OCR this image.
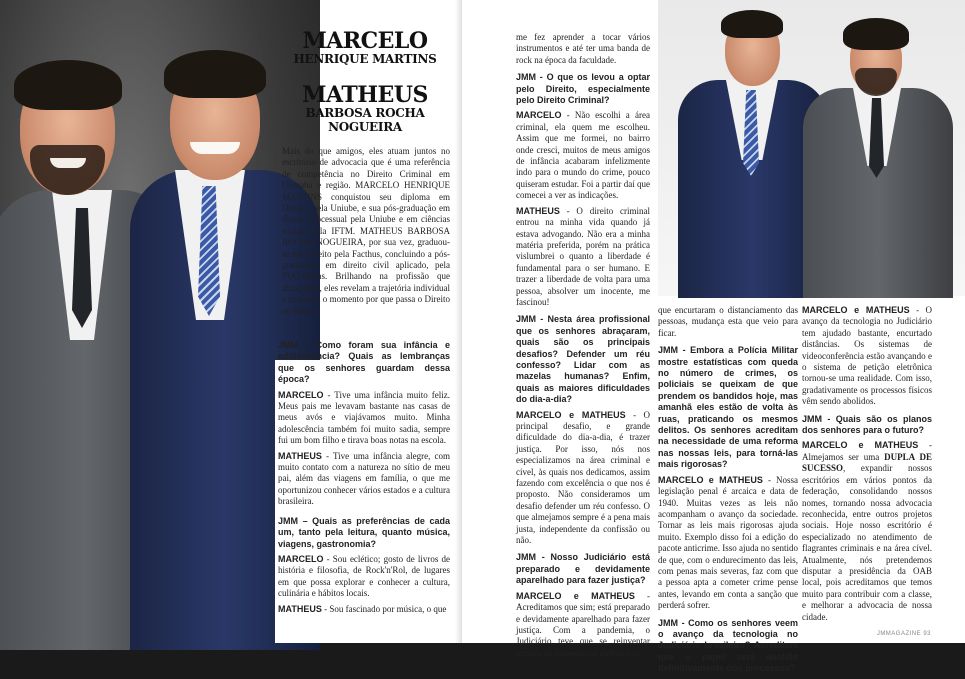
MARCELO
HENRIQUE MARTINS
MATHEUS
BARBOSA ROCHA NOGUEIRA

Mais do que amigos, eles atuam juntos no escritório de advocacia que é uma referência de competência no Direito Criminal em Uberaba e região. MARCELO HENRIQUE MARTINS conquistou seu diploma em Direito, pela Uniube, e sua pós-graduação em direito processual pela Uniube e em ciências sociais pela IFTM. MATHEUS BARBOSA ROCHA NOGUEIRA, por sua vez, graduou-se em Direito pela Facthus, concluindo a pós-graduação em direito civil aplicado, pela PUC-Minas. Brilhando na profissão que abraçaram, eles revelam a trajetória individual e analisam o momento por que passa o Direito no Brasil.

JMM - Como foram sua infância e adolescência? Quais as lembranças que os senhores guardam dessa época?

MARCELO - Tive uma infância muito feliz. Meus pais me levavam bastante nas casas de meus avós e viajávamos muito. Minha adolescência também foi muito sadia, sempre fui um bom filho e tirava boas notas na escola.

MATHEUS - Tive uma infância alegre, com muito contato com a natureza no sítio de meu pai, além das viagens em família, o que me oportunizou conhecer vários estados e a cultura brasileira.

JMM – Quais as preferências de cada um, tanto pela leitura, quanto música, viagens, gastronomia?

MARCELO - Sou eclético; gosto de livros de história e filosofia, de Rock'n'Rol, de lugares em que possa explorar e conhecer a cultura, culinária e hábitos locais.

MATHEUS - Sou fascinado por música, o que

me fez aprender a tocar vários instrumentos e até ter uma banda de rock na época da faculdade.

JMM - O que os levou a optar pelo Direito, especialmente pelo Direito Criminal?

MARCELO - Não escolhi a área criminal, ela quem me escolheu. Assim que me formei, no bairro onde cresci, muitos de meus amigos de infância acabaram infelizmente indo para o mundo do crime, pouco quiseram estudar. Foi a partir daí que comecei a ver as indicações.

MATHEUS - O direito criminal entrou na minha vida quando já estava advogando. Não era a minha matéria preferida, porém na prática vislumbrei o quanto a liberdade é fundamental para o ser humano. E trazer a liberdade de volta para uma pessoa, absolver um inocente, me fascinou!

JMM - Nesta área profissional que os senhores abraçaram, quais são os principais desafios? Defender um réu confesso? Lidar com as mazelas humanas? Enfim, quais as maiores dificuldades do dia-a-dia?

MARCELO e MATHEUS - O principal desafio, e grande dificuldade do dia-a-dia, é trazer justiça. Por isso, nós nos especializamos na área criminal e cível, às quais nos dedicamos, assim fazendo com excelência o que nos é proposto. Não consideramos um desafio defender um réu confesso. O que almejamos sempre é a pena mais justa, independente da confissão ou não.

JMM - Nosso Judiciário está preparado e devidamente aparelhado para fazer justiça?

MARCELO e MATHEUS - Acreditamos que sim; está preparado e devidamente aparelhado para fazer justiça. Com a pandemia, o Judiciário teve que se reinventar através de dispositivos eletrônicos

que encurtaram o distanciamento das pessoas, mudança esta que veio para ficar.

JMM - Embora a Polícia Militar mostre estatísticas com queda no número de crimes, os policiais se queixam de que prendem os bandidos hoje, mas amanhã eles estão de volta às ruas, praticando os mesmos delitos. Os senhores acreditam na necessidade de uma reforma nas nossas leis, para torná-las mais rigorosas?

MARCELO e MATHEUS - Nossa legislação penal é arcaica e data de 1940. Muitas vezes as leis não acompanham o avanço da sociedade. Tornar as leis mais rigorosas ajuda muito. Exemplo disso foi a edição do pacote anticrime. Isso ajuda no sentido de que, com o endurecimento das leis, com penas mais severas, faz com que a pessoa apta a cometer crime pense antes, levando em conta a sanção que perderá sofrer.

JMM - Como os senhores veem o avanço da tecnologia no Judiciário brasileiro? Acreditam que o papel será abolido definitivamente dos processos?

MARCELO e MATHEUS - O avanço da tecnologia no Judiciário tem ajudado bastante, encurtado distâncias. Os sistemas de videoconferência estão avançando e o sistema de petição eletrônica tornou-se uma realidade. Com isso, gradativamente os processos físicos vêm sendo abolidos.

JMM - Quais são os planos dos senhores para o futuro?

MARCELO e MATHEUS - Almejamos ser uma DUPLA DE SUCESSO, expandir nossos escritórios em vários pontos da federação, consolidando nossos nomes, tornando nossa advocacia reconhecida, entre outros projetos sociais. Hoje nosso escritório é especializado no atendimento de flagrantes criminais e na área cível. Atualmente, nós pretendemos disputar a presidência da OAB local, pois acreditamos que temos muito para contribuir com a classe, e melhorar a advocacia de nossa cidade.

JMMAGAZINE 93
